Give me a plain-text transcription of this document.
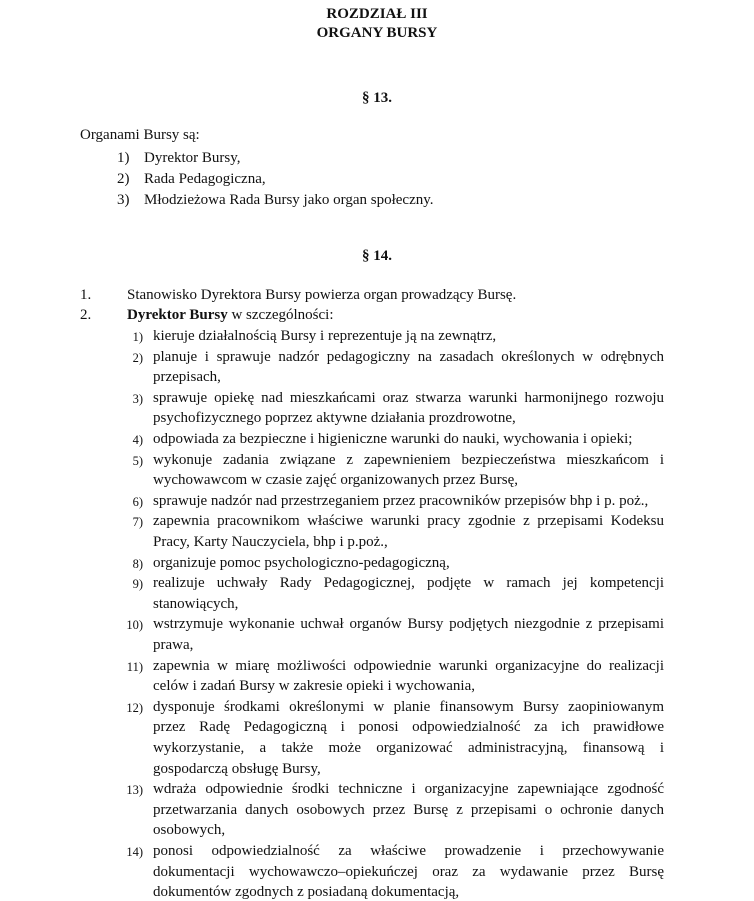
ROZDZIAŁ III
ORGANY BURSY
§ 13.
Organami Bursy są:
1) Dyrektor Bursy,
2) Rada Pedagogiczna,
3) Młodzieżowa Rada Bursy jako organ społeczny.
§ 14.
1. Stanowisko Dyrektora Bursy powierza organ prowadzący Bursę.
2. Dyrektor Bursy w szczególności:
1) kieruje działalnością Bursy i reprezentuje ją na zewnątrz,
2) planuje i sprawuje nadzór pedagogiczny na zasadach określonych w odrębnych
przepisach,
3) sprawuje opiekę nad mieszkańcami oraz stwarza warunki harmonijnego rozwoju
psychofizycznego poprzez aktywne działania prozdrowotne,
4) odpowiada za bezpieczne i higieniczne warunki do nauki, wychowania i opieki;
5) wykonuje zadania związane z zapewnieniem bezpieczeństwa mieszkańcom i
wychowawcom w czasie zajęć organizowanych przez Bursę,
6) sprawuje nadzór nad przestrzeganiem przez pracowników przepisów bhp i p. poż.,
7) zapewnia pracownikom właściwe warunki pracy zgodnie z przepisami Kodeksu
Pracy, Karty Nauczyciela, bhp i p.poż.,
8) organizuje pomoc psychologiczno-pedagogiczną,
9) realizuje uchwały Rady Pedagogicznej, podjęte w ramach jej kompetencji
stanowiących,
10) wstrzymuje wykonanie uchwał organów Bursy podjętych niezgodnie z przepisami
prawa,
11) zapewnia w miarę możliwości odpowiednie warunki organizacyjne do realizacji
celów i zadań Bursy w zakresie opieki i wychowania,
12) dysponuje środkami określonymi w planie finansowym Bursy zaopiniowanym
przez Radę Pedagogiczną i ponosi odpowiedzialność za ich prawidłowe
wykorzystanie, a także może organizować administracyjną, finansową i
gospodarczą obsługę Bursy,
13) wdraża odpowiednie środki techniczne i organizacyjne zapewniające zgodność
przetwarzania danych osobowych przez Bursę z przepisami o ochronie danych
osobowych,
14) ponosi odpowiedzialność za właściwe prowadzenie i przechowywanie
dokumentacji wychowawczo–opiekuńczej oraz za wydawanie przez Bursę
dokumentów zgodnych z posiadaną dokumentacją,
